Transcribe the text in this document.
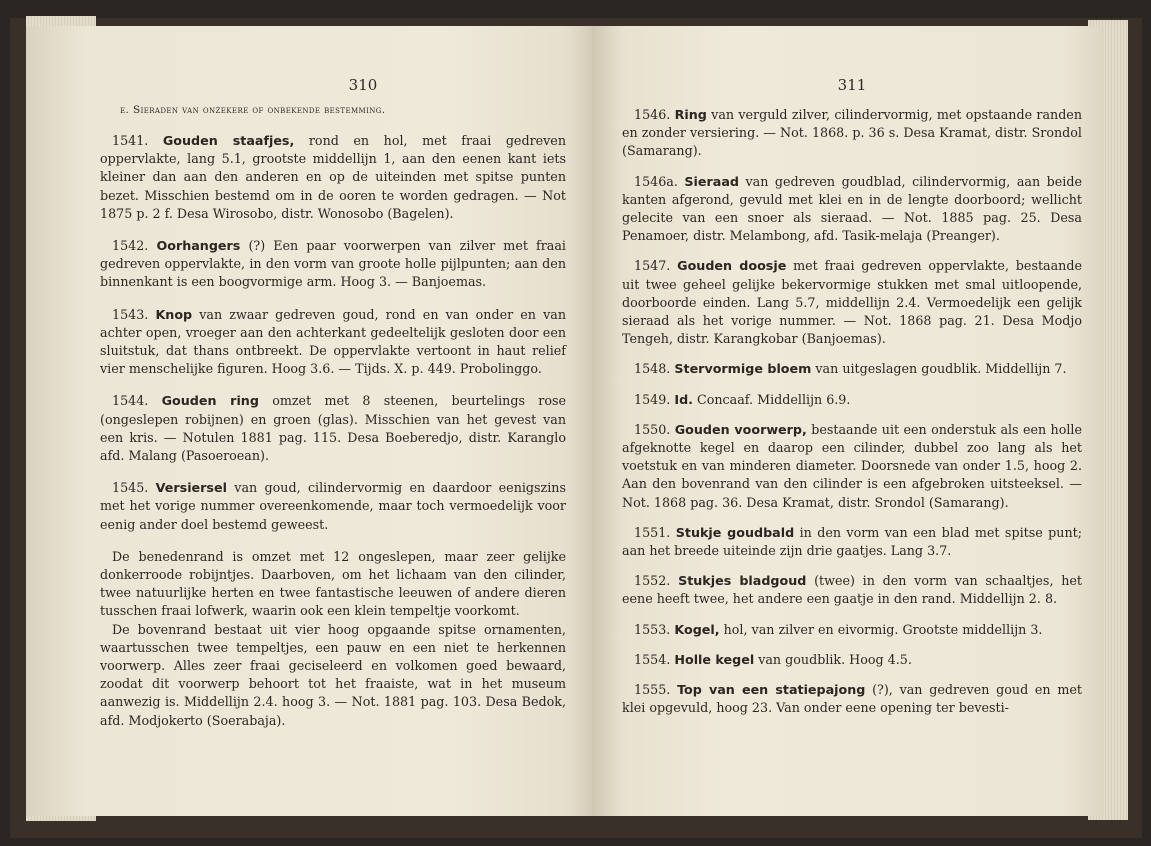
310
e. Sieraden van onzekere of onbekende bestemming.

1541. Gouden staafjes, rond en hol, met fraai gedreven oppervlakte, lang 5.1, grootste middellijn 1, aan den eenen kant iets kleiner dan aan den anderen en op de uiteinden met spitse punten bezet. Misschien bestemd om in de ooren te worden gedragen. — Not 1875 p. 2 f. Desa Wirosobo, distr. Wonosobo (Bagelen).

1542. Oorhangers (?) Een paar voorwerpen van zilver met fraai gedreven oppervlakte, in den vorm van groote holle pijlpunten; aan den binnenkant is een boogvormige arm. Hoog 3. — Banjoemas.

1543. Knop van zwaar gedreven goud, rond en van onder en van achter open, vroeger aan den achterkant gedeeltelijk gesloten door een sluitstuk, dat thans ontbreekt. De oppervlakte vertoont in haut relief vier menschelijke figuren. Hoog 3.6. — Tijds. X. p. 449. Probolinggo.

1544. Gouden ring omzet met 8 steenen, beurtelings rose (ongeslepen robijnen) en groen (glas). Misschien van het gevest van een kris. — Notulen 1881 pag. 115. Desa Boeberedjo, distr. Karanglo afd. Malang (Pasoeroean).

1545. Versiersel van goud, cilindervormig en daardoor eenigszins met het vorige nummer overeenkomende, maar toch vermoedelijk voor eenig ander doel bestemd geweest.

De benedenrand is omzet met 12 ongeslepen, maar zeer gelijke donkerroode robijntjes. Daarboven, om het lichaam van den cilinder, twee natuurlijke herten en twee fantastische leeuwen of andere dieren tusschen fraai lofwerk, waarin ook een klein tempeltje voorkomt.

De bovenrand bestaat uit vier hoog opgaande spitse ornamenten, waartusschen twee tempeltjes, een pauw en een niet te herkennen voorwerp. Alles zeer fraai geciseleerd en volkomen goed bewaard, zoodat dit voorwerp behoort tot het fraaiste, wat in het museum aanwezig is. Middellijn 2.4. hoog 3. — Not. 1881 pag. 103. Desa Bedok, afd. Modjokerto (Soerabaja).

311

1546. Ring van verguld zilver, cilindervormig, met opstaande randen en zonder versiering. — Not. 1868. p. 36 s. Desa Kramat, distr. Srondol (Samarang).

1546a. Sieraad van gedreven goudblad, cilindervormig, aan beide kanten afgerond, gevuld met klei en in de lengte doorboord; wellicht gelecite van een snoer als sieraad. — Not. 1885 pag. 25. Desa Penamoer, distr. Melambong, afd. Tasik-melaja (Preanger).

1547. Gouden doosje met fraai gedreven oppervlakte, bestaande uit twee geheel gelijke bekervormige stukken met smal uitloopende, doorboorde einden. Lang 5.7, middellijn 2.4. Vermoedelijk een gelijk sieraad als het vorige nummer. — Not. 1868 pag. 21. Desa Modjo Tengeh, distr. Karangkobar (Banjoemas).

1548. Stervormige bloem van uitgeslagen goudblik. Middellijn 7.

1549. Id. Concaaf. Middellijn 6.9.

1550. Gouden voorwerp, bestaande uit een onderstuk als een holle afgeknotte kegel en daarop een cilinder, dubbel zoo lang als het voetstuk en van minderen diameter. Doorsnede van onder 1.5, hoog 2. Aan den bovenrand van den cilinder is een afgebroken uitsteeksel. — Not. 1868 pag. 36. Desa Kramat, distr. Srondol (Samarang).

1551. Stukje goudbald in den vorm van een blad met spitse punt; aan het breede uiteinde zijn drie gaatjes. Lang 3.7.

1552. Stukjes bladgoud (twee) in den vorm van schaaltjes, het eene heeft twee, het andere een gaatje in den rand. Middellijn 2. 8.

1553. Kogel, hol, van zilver en eivormig. Grootste middellijn 3.

1554. Holle kegel van goudblik. Hoog 4.5.

1555. Top van een statiepajong (?), van gedreven goud en met klei opgevuld, hoog 23. Van onder eene opening ter bevesti-
